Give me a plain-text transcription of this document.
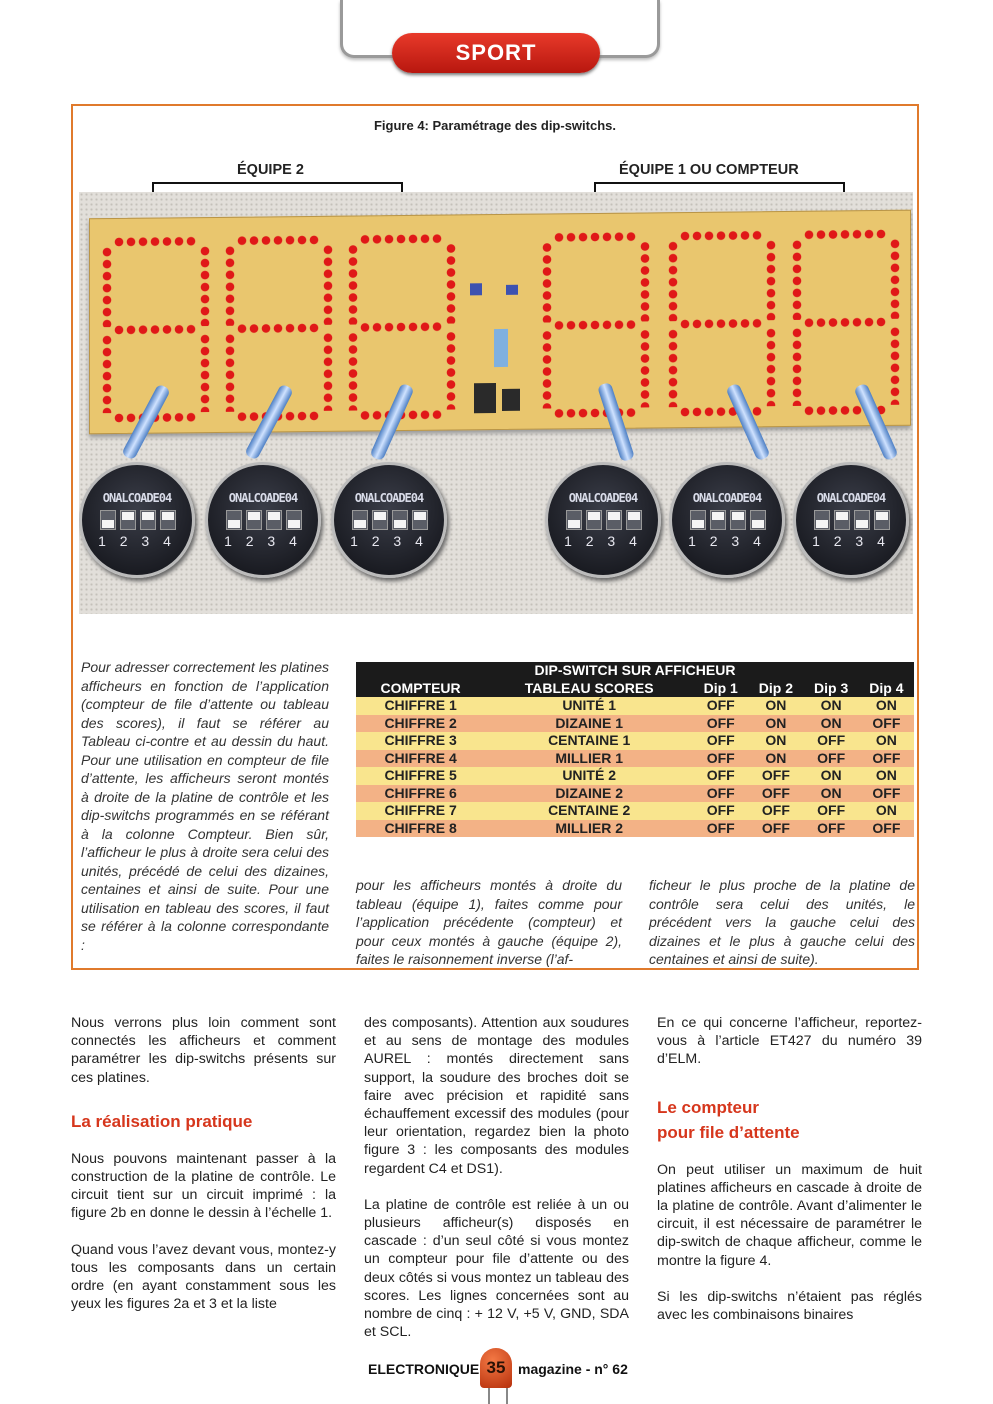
SPORT
Figure 4: Paramétrage des dip-switchs.
ÉQUIPE 2	ÉQUIPE 1 OU COMPTEUR
ONALCOADE04
1 2 3 4
ONALCOADE04
1 2 3 4
ONALCOADE04
1 2 3 4
ONALCOADE04
1 2 3 4
ONALCOADE04
1 2 3 4
ONALCOADE04
1 2 3 4

Pour adresser correctement les platines afficheurs en fonction de l’application (compteur de file d’attente ou tableau des scores), il faut se référer au Tableau ci-contre et au dessin du haut. Pour une utilisation en compteur de file d’attente, les afficheurs seront montés à droite de la platine de contrôle et les dip-switchs programmés en se référant à la colonne Compteur. Bien sûr, l’afficheur le plus à droite sera celui des unités, précédé de celui des dizaines, centaines et ainsi de suite. Pour une utilisation en tableau des scores, il faut se référer à la colonne correspondante :

DIP-SWITCH SUR AFFICHEUR					
COMPTEUR	TABLEAU SCORES	Dip 1	Dip 2	Dip 3	Dip 4
CHIFFRE 1	UNITÉ 1	OFF	ON	ON	ON
CHIFFRE 2	DIZAINE 1	OFF	ON	ON	OFF
CHIFFRE 3	CENTAINE 1	OFF	ON	OFF	ON
CHIFFRE 4	MILLIER 1	OFF	ON	OFF	OFF
CHIFFRE 5	UNITÉ 2	OFF	OFF	ON	ON
CHIFFRE 6	DIZAINE 2	OFF	OFF	ON	OFF
CHIFFRE 7	CENTAINE 2	OFF	OFF	OFF	ON
CHIFFRE 8	MILLIER 2	OFF	OFF	OFF	OFF

pour les afficheurs montés à droite du tableau (équipe 1), faites comme pour l’application précédente (compteur) et pour ceux montés à gauche (équipe 2), faites le raisonnement inverse (l’af-

ficheur le plus proche de la platine de contrôle sera celui des unités, le précédent vers la gauche celui des dizaines et le plus à gauche celui des centaines et ainsi de suite).

Nous verrons plus loin comment sont connectés les afficheurs et comment paramétrer les dip-switchs présents sur ces platines.

La réalisation pratique

Nous pouvons maintenant passer à la construction de la platine de contrôle. Le circuit tient sur un circuit imprimé : la figure 2b en donne le dessin à l’échelle 1.

Quand vous l’avez devant vous, montez-y tous les composants dans un certain ordre (en ayant constamment sous les yeux les figures 2a et 3 et la liste

des composants). Attention aux soudures et au sens de montage des modules AUREL : montés directement sans support, la soudure des broches doit se faire avec précision et rapidité sans échauffement excessif des modules (pour leur orientation, regardez bien la photo figure 3 : les composants des modules regardent C4 et DS1).

La platine de contrôle est reliée à un ou plusieurs afficheur(s) disposés en cascade : d’un seul côté si vous montez un compteur pour file d’attente ou des deux côtés si vous montez un tableau des scores. Les lignes concernées sont au nombre de cinq : + 12 V, +5 V, GND, SDA et SCL.

En ce qui concerne l’afficheur, reportez-vous à l’article ET427 du numéro 39 d’ELM.

Le compteur
pour file d’attente

On peut utiliser un maximum de huit platines afficheurs en cascade à droite de la platine de contrôle. Avant d’alimenter le circuit, il est nécessaire de paramétrer le dip-switch de chaque afficheur, comme le montre la figure 4.

Si les dip-switchs n’étaient pas réglés avec les combinaisons binaires

ELECTRONIQUE 35 magazine - n° 62
